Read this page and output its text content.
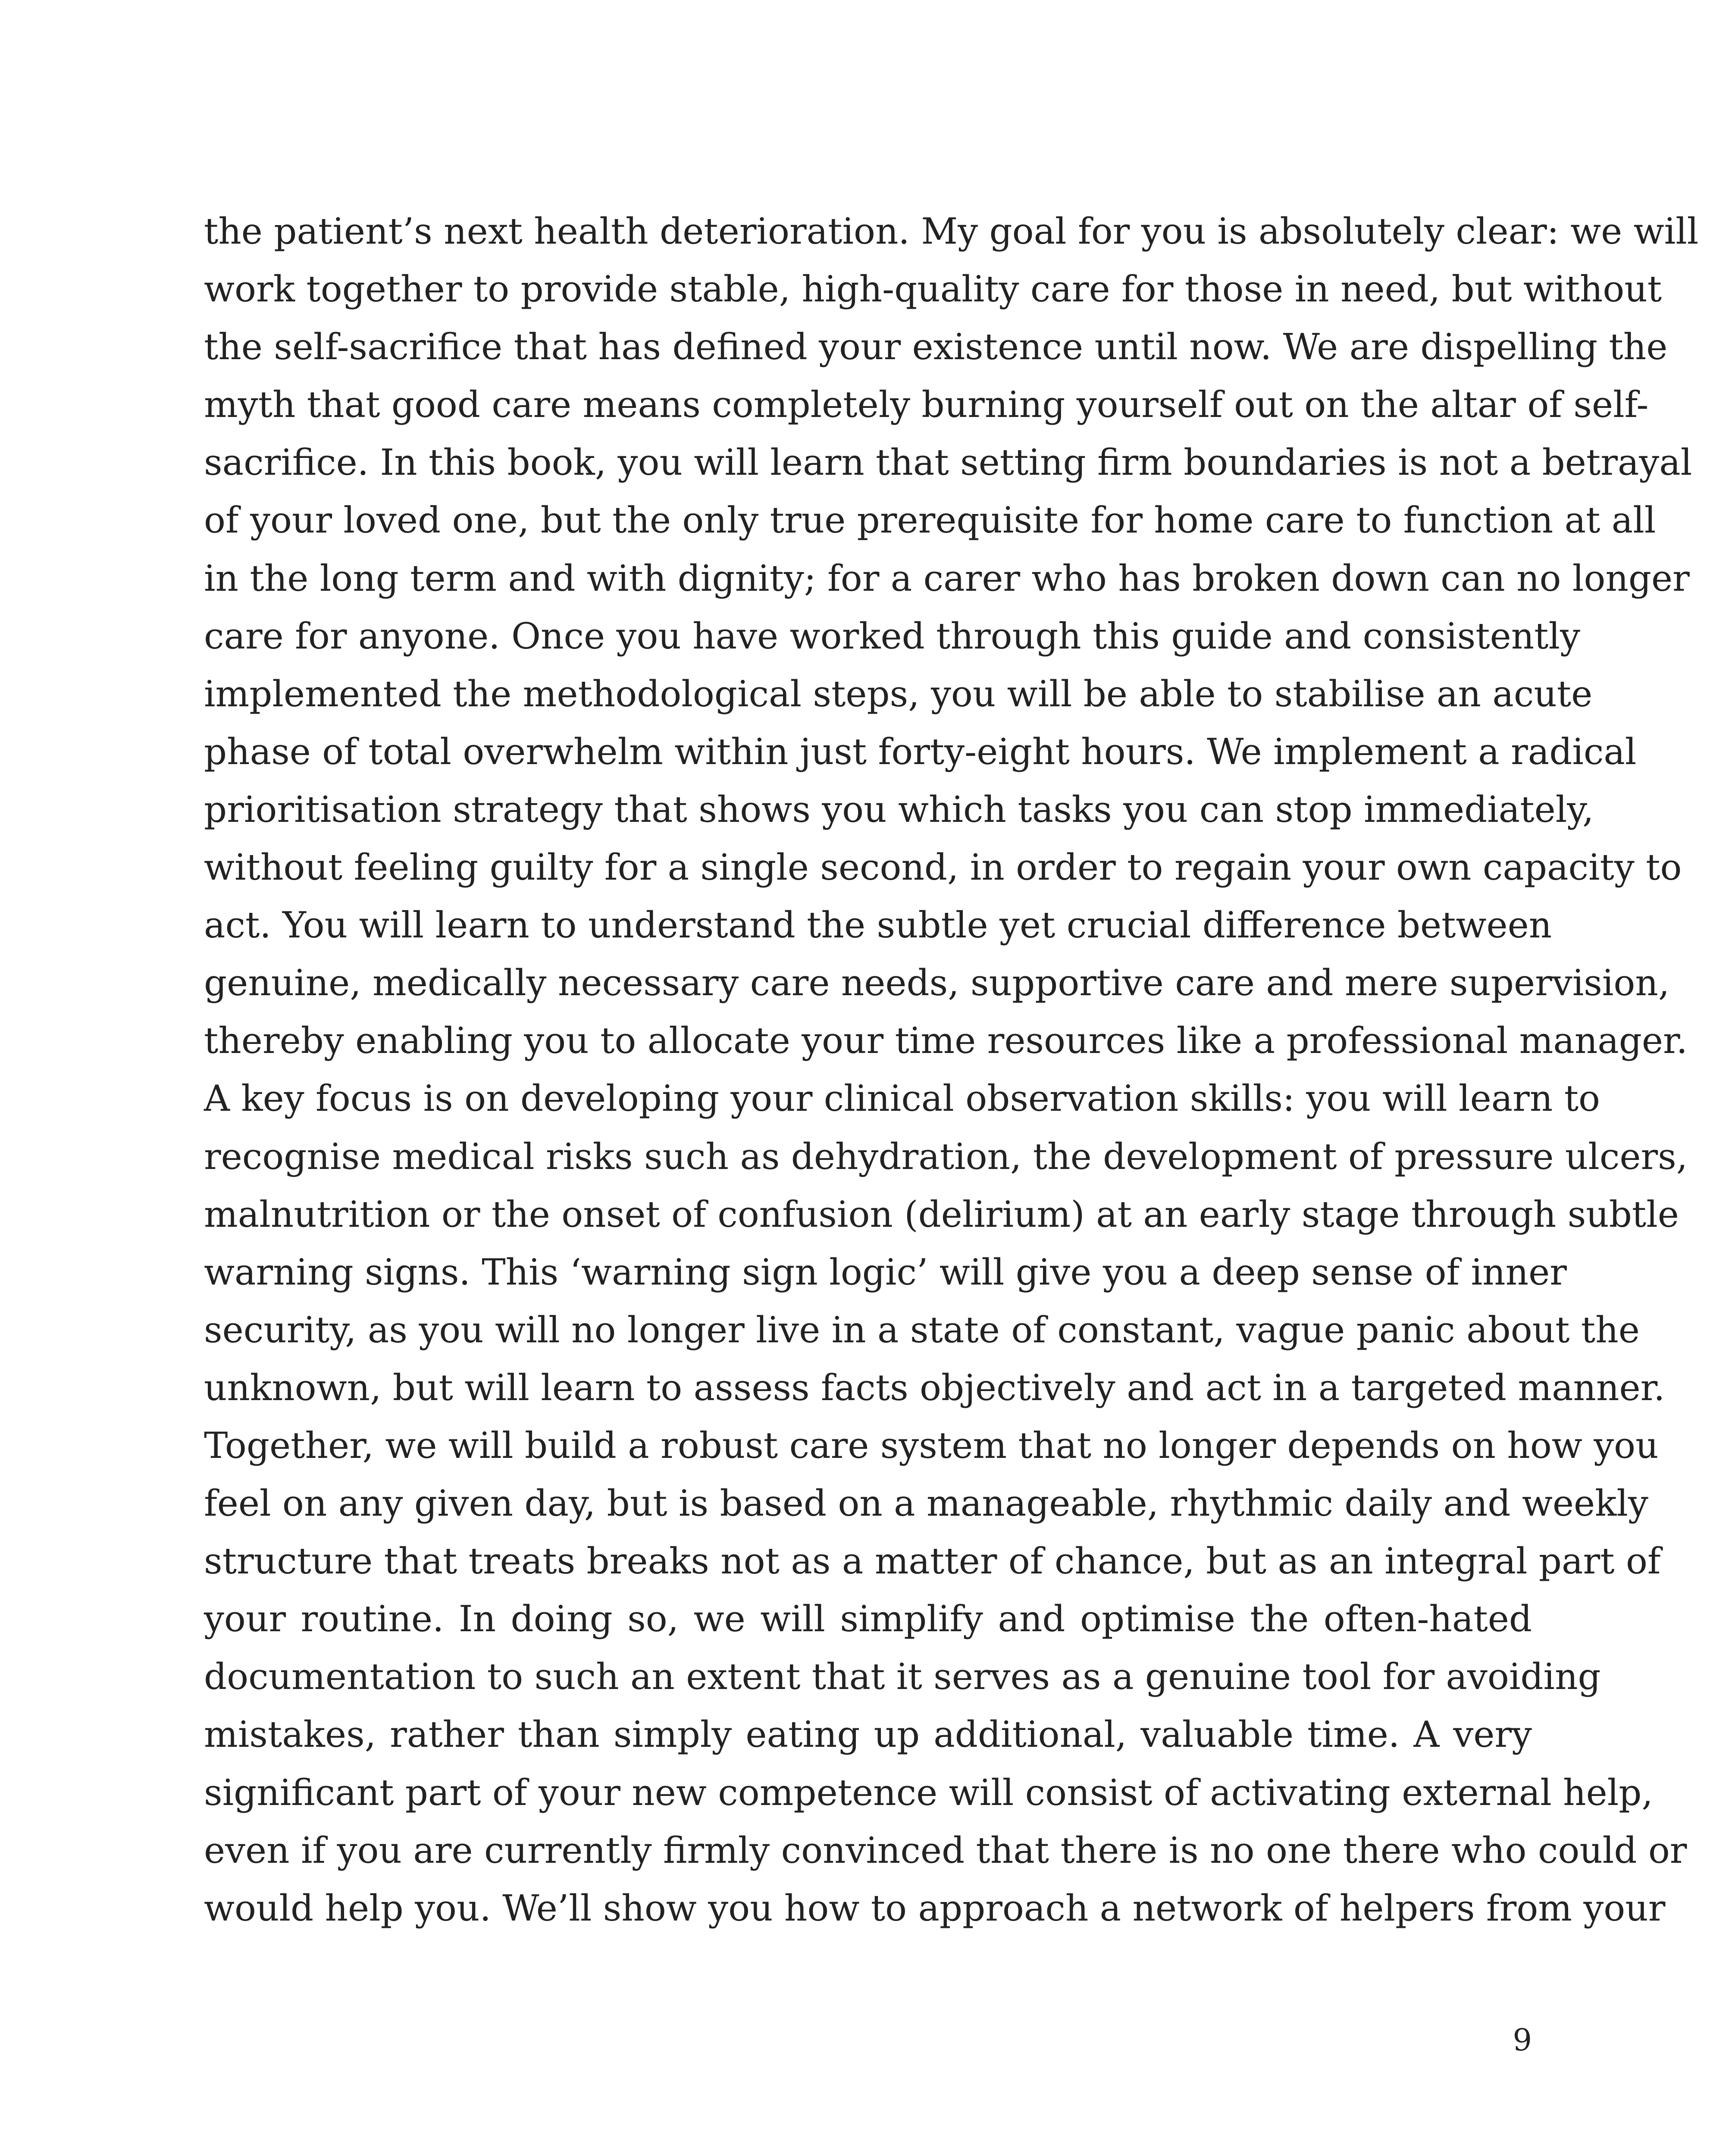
the patient’s next health deterioration. My goal for you is absolutely clear: we will
work together to provide stable, high-quality care for those in need, but without
the self-sacrifice that has defined your existence until now. We are dispelling the
myth that good care means completely burning yourself out on the altar of self-
sacrifice. In this book, you will learn that setting firm boundaries is not a betrayal
of your loved one, but the only true prerequisite for home care to function at all
in the long term and with dignity; for a carer who has broken down can no longer
care for anyone. Once you have worked through this guide and consistently
implemented the methodological steps, you will be able to stabilise an acute
phase of total overwhelm within just forty-eight hours. We implement a radical
prioritisation strategy that shows you which tasks you can stop immediately,
without feeling guilty for a single second, in order to regain your own capacity to
act. You will learn to understand the subtle yet crucial difference between
genuine, medically necessary care needs, supportive care and mere supervision,
thereby enabling you to allocate your time resources like a professional manager.
A key focus is on developing your clinical observation skills: you will learn to
recognise medical risks such as dehydration, the development of pressure ulcers,
malnutrition or the onset of confusion (delirium) at an early stage through subtle
warning signs. This ‘warning sign logic’ will give you a deep sense of inner
security, as you will no longer live in a state of constant, vague panic about the
unknown, but will learn to assess facts objectively and act in a targeted manner.
Together, we will build a robust care system that no longer depends on how you
feel on any given day, but is based on a manageable, rhythmic daily and weekly
structure that treats breaks not as a matter of chance, but as an integral part of
your routine. In doing so, we will simplify and optimise the often-hated
documentation to such an extent that it serves as a genuine tool for avoiding
mistakes, rather than simply eating up additional, valuable time. A very
significant part of your new competence will consist of activating external help,
even if you are currently firmly convinced that there is no one there who could or
would help you. We’ll show you how to approach a network of helpers from your
9
